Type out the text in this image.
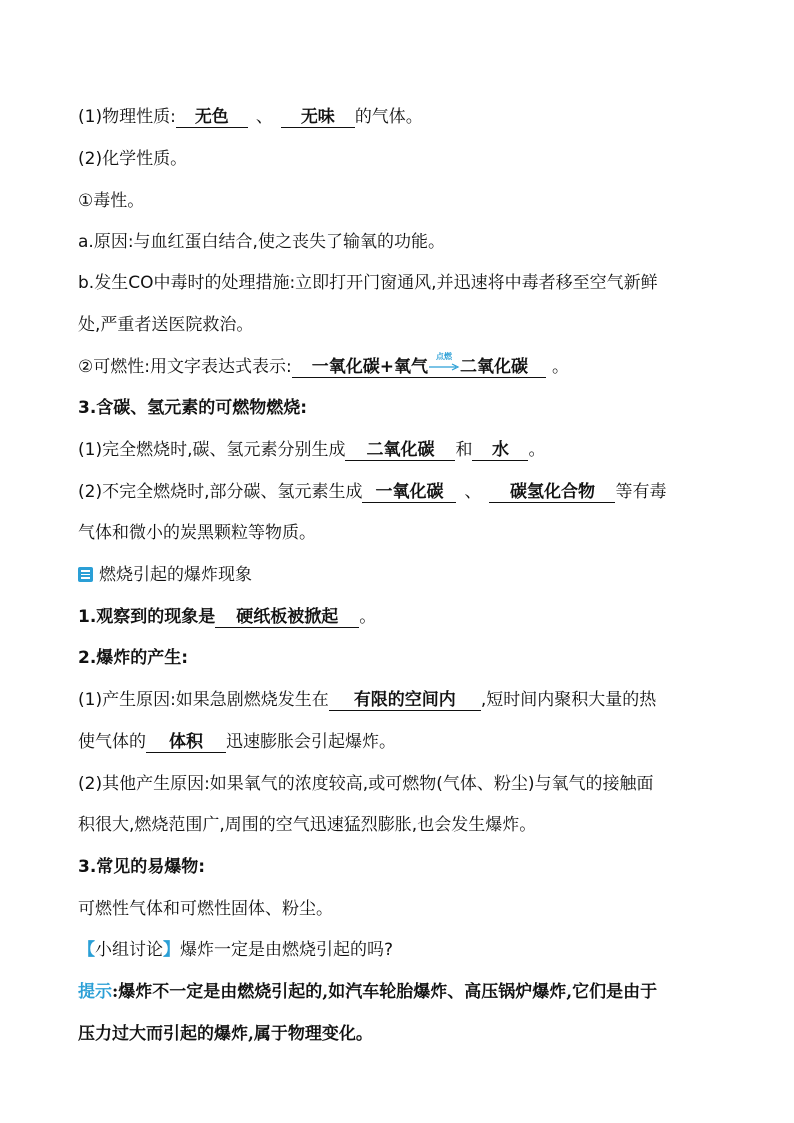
(1)物理性质: 无色 、 无味 的气体。
(2)化学性质。
①毒性。
a.原因:与血红蛋白结合,使之丧失了输氧的功能。
b.发生CO中毒时的处理措施:立即打开门窗通风,并迅速将中毒者移至空气新鲜
处,严重者送医院救治。
②可燃性:用文字表达式表示: 一氧化碳+氧气
点燃
二氧化碳 。
3.含碳、氢元素的可燃物燃烧:
(1)完全燃烧时,碳、氢元素分别生成 二氧化碳 和 水 。
(2)不完全燃烧时,部分碳、氢元素生成 一氧化碳 、 碳氢化合物 等有毒
气体和微小的炭黑颗粒等物质。
燃烧引起的爆炸现象
1.观察到的现象是 硬纸板被掀起 。
2.爆炸的产生:
(1)产生原因:如果急剧燃烧发生在 有限的空间内 ,短时间内聚积大量的热
使气体的 体积 迅速膨胀会引起爆炸。
(2)其他产生原因:如果氧气的浓度较高,或可燃物(气体、粉尘)与氧气的接触面
积很大,燃烧范围广,周围的空气迅速猛烈膨胀,也会发生爆炸。
3.常见的易爆物:
可燃性气体和可燃性固体、粉尘。
【小组讨论】爆炸一定是由燃烧引起的吗?
提示:爆炸不一定是由燃烧引起的,如汽车轮胎爆炸、高压锅炉爆炸,它们是由于
压力过大而引起的爆炸,属于物理变化。
